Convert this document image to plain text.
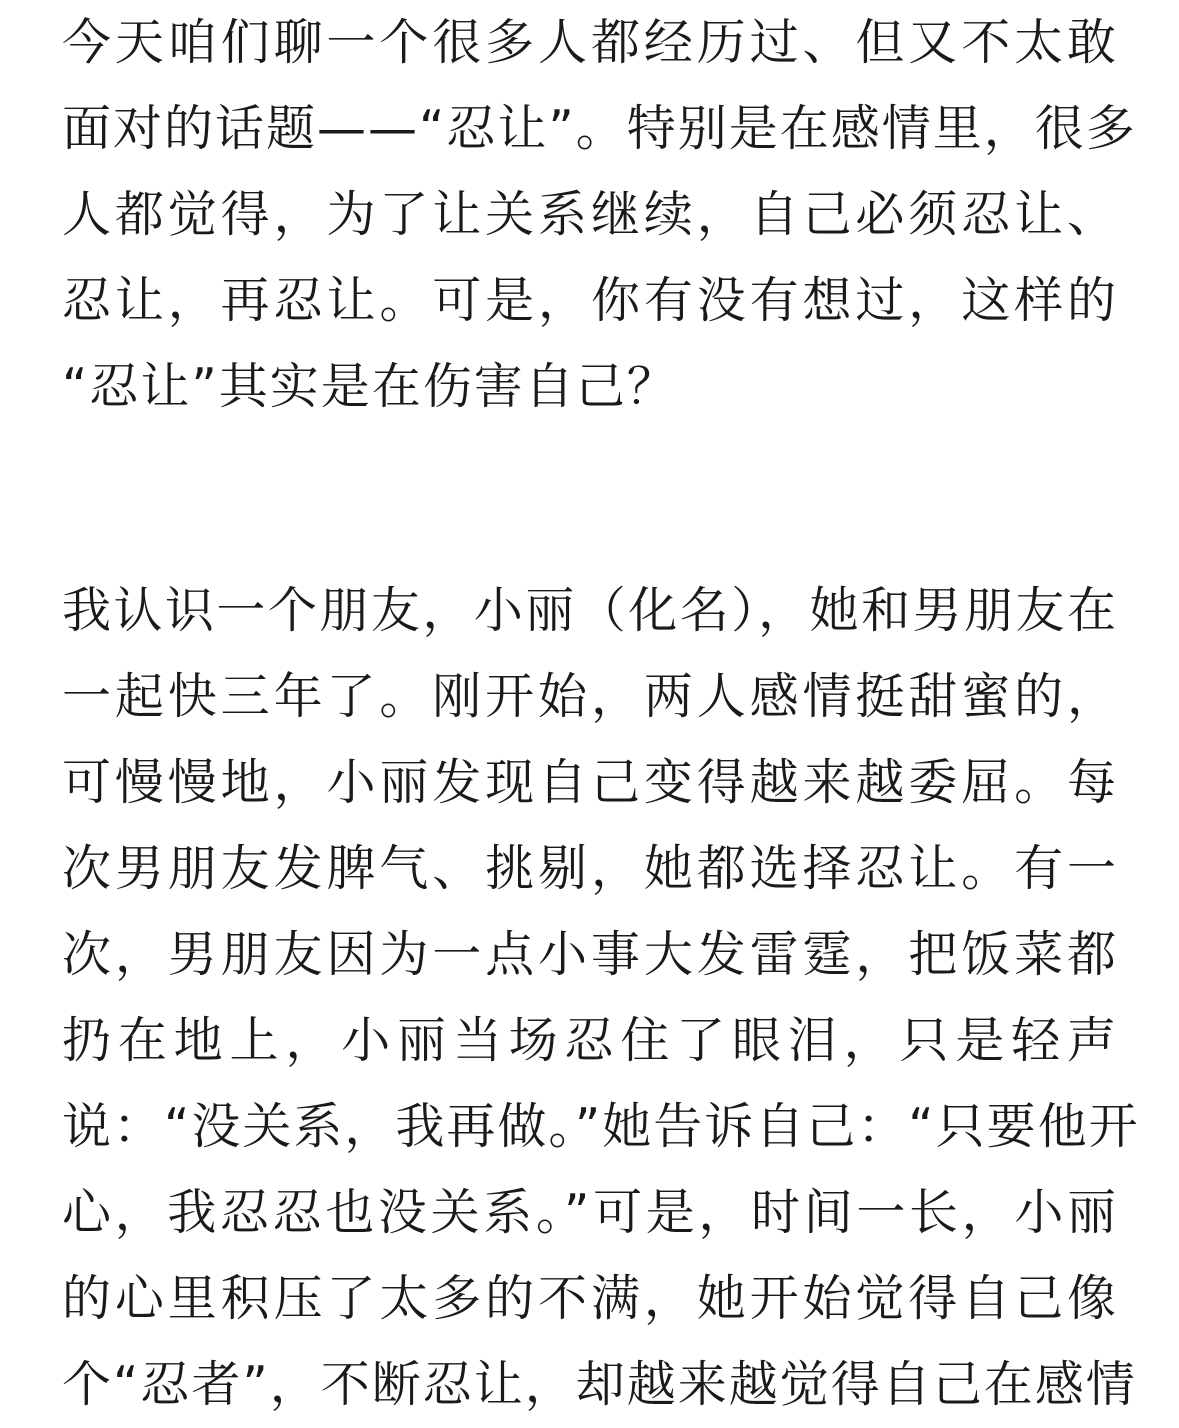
今天咱们聊一个很多人都经历过、但又不太敢
面对的话题——“忍让”。特别是在感情里，很多
人都觉得，为了让关系继续，自己必须忍让、
忍让，再忍让。可是，你有没有想过，这样的
“忍让”其实是在伤害自己？
我认识一个朋友，小丽（化名），她和男朋友在
一起快三年了。刚开始，两人感情挺甜蜜的，
可慢慢地，小丽发现自己变得越来越委屈。每
次男朋友发脾气、挑剔，她都选择忍让。有一
次，男朋友因为一点小事大发雷霆，把饭菜都
扔在地上，小丽当场忍住了眼泪，只是轻声
说：“没关系，我再做。”她告诉自己：“只要他开
心，我忍忍也没关系。”可是，时间一长，小丽
的心里积压了太多的不满，她开始觉得自己像
个“忍者”，不断忍让，却越来越觉得自己在感情
